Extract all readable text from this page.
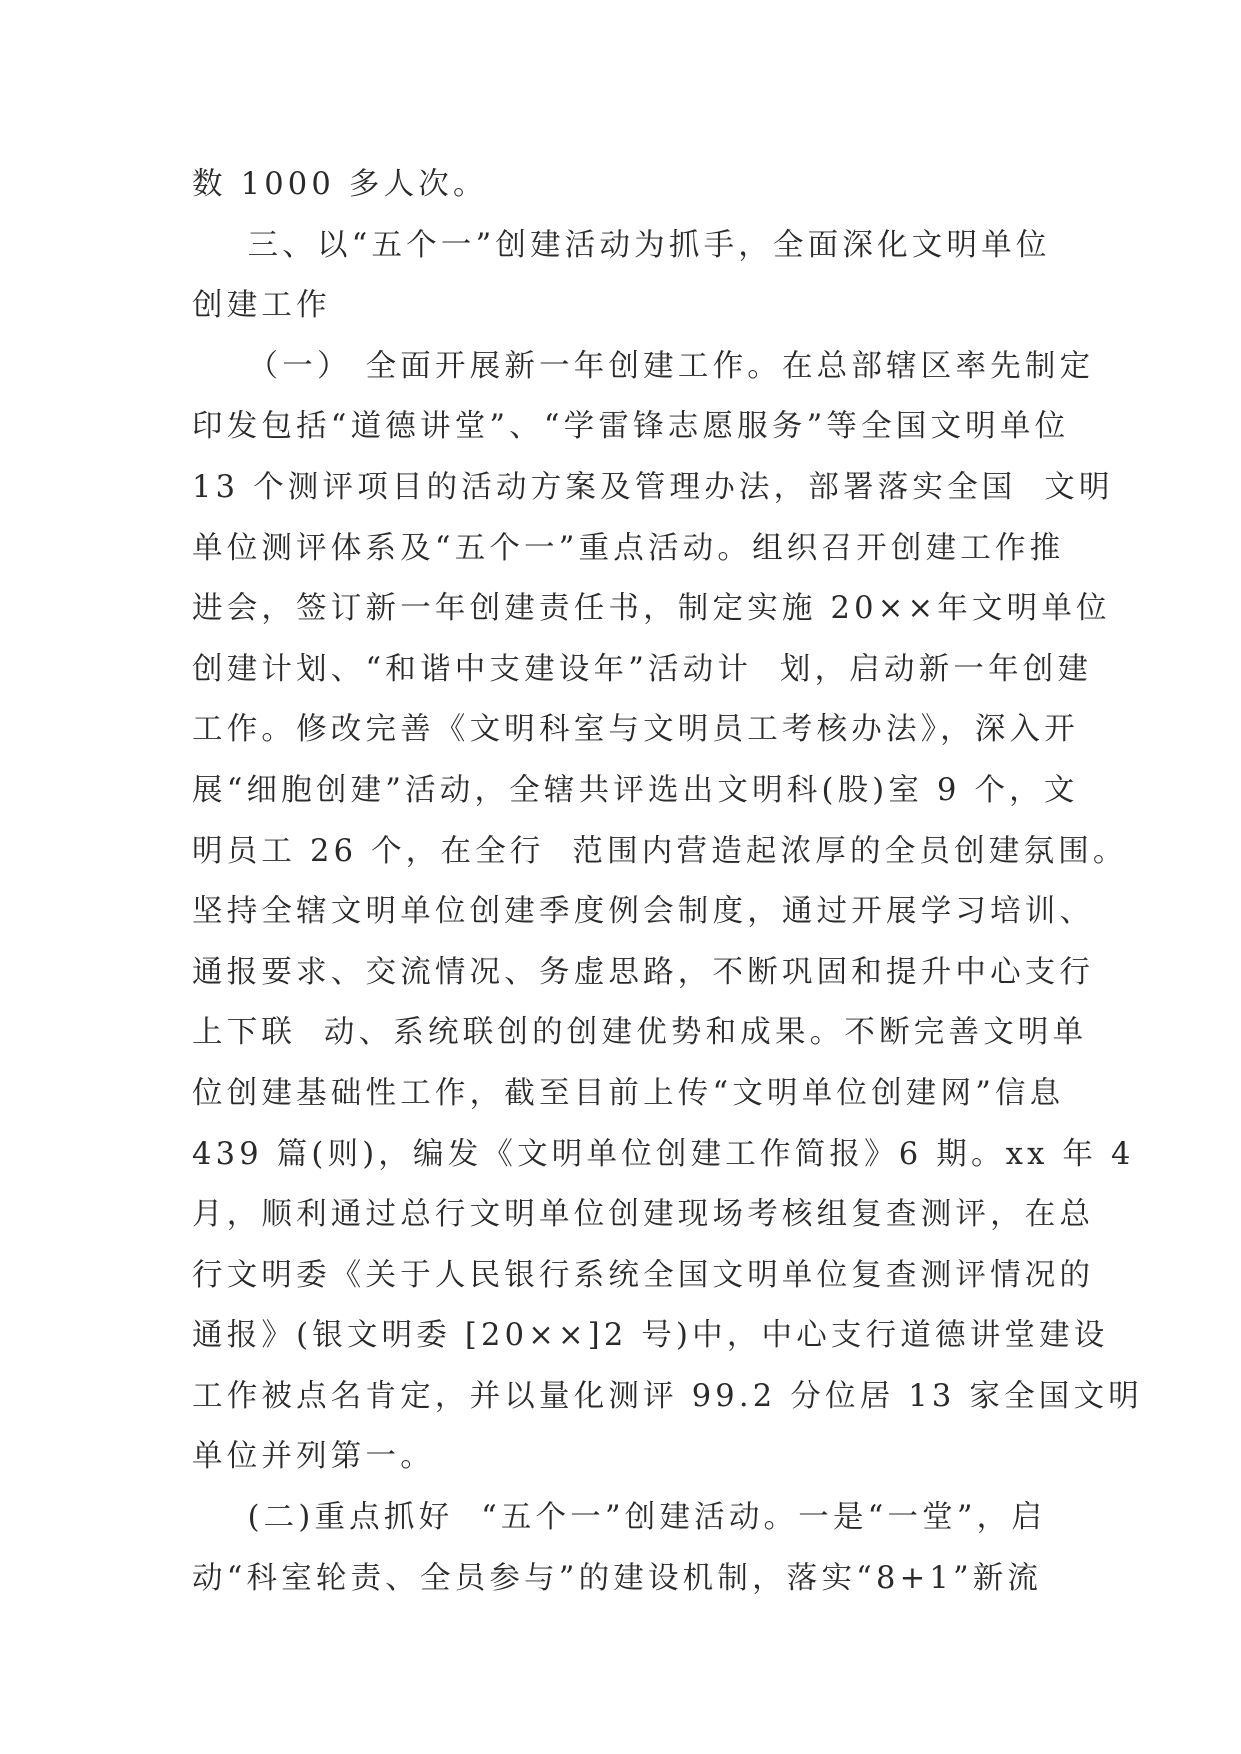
数 1000 多人次。
三、以“五个一”创建活动为抓手，全面深化文明单位
创建工作
（一） 全面开展新一年创建工作。在总部辖区率先制定
印发包括“道德讲堂”、“学雷锋志愿服务”等全国文明单位
13 个测评项目的活动方案及管理办法，部署落实全国  文明
单位测评体系及“五个一”重点活动。组织召开创建工作推
进会，签订新一年创建责任书，制定实施 20××年文明单位
创建计划、“和谐中支建设年”活动计  划，启动新一年创建
工作。修改完善《文明科室与文明员工考核办法》，深入开
展“细胞创建”活动，全辖共评选出文明科(股)室 9 个，文
明员工 26 个，在全行  范围内营造起浓厚的全员创建氛围。
坚持全辖文明单位创建季度例会制度，通过开展学习培训、
通报要求、交流情况、务虚思路，不断巩固和提升中心支行
上下联  动、系统联创的创建优势和成果。不断完善文明单
位创建基础性工作，截至目前上传“文明单位创建网”信息
439 篇(则)，编发《文明单位创建工作简报》6 期。xx 年 4
月，顺利通过总行文明单位创建现场考核组复查测评，在总
行文明委《关于人民银行系统全国文明单位复查测评情况的
通报》(银文明委 [20××]2 号)中，中心支行道德讲堂建设
工作被点名肯定，并以量化测评 99.2 分位居 13 家全国文明
单位并列第一。
(二)重点抓好  “五个一”创建活动。一是“一堂”，启
动“科室轮责、全员参与”的建设机制，落实“8+1”新流
